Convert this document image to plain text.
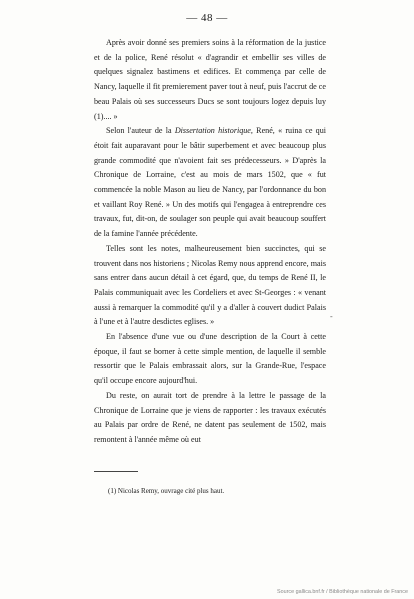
— 48 —

Après avoir donné ses premiers soins à la réformation de la justice et de la police, René résolut « d'agrandir et embellir ses villes de quelques signalez bastimens et edifices. Et commença par celle de Nancy, laquelle il fit premierement paver tout à neuf, puis l'accrut de ce beau Palais où ses successeurs Ducs se sont toujours logez depuis luy (1).... »

Selon l'auteur de la Dissertation historique, René, « ruina ce qui étoit fait auparavant pour le bâtir superbement et avec beaucoup plus grande commodité que n'avoient fait ses prédecesseurs. » D'après la Chronique de Lorraine, c'est au mois de mars 1502, que « fut commencée la noble Mason au lieu de Nancy, par l'ordonnance du bon et vaillant Roy René. » Un des motifs qui l'engagea à entreprendre ces travaux, fut, dit-on, de soulager son peuple qui avait beaucoup souffert de la famine l'année précédente.

Telles sont les notes, malheureusement bien succinctes, qui se trouvent dans nos historiens ; Nicolas Remy nous apprend encore, mais sans entrer dans aucun détail à cet égard, que, du temps de René II, le Palais communiquait avec les Cordeliers et avec St-Georges : « venant aussi à remarquer la commodité qu'il y a d'aller à couvert dudict Palais à l'une et à l'autre desdictes eglises. »

En l'absence d'une vue ou d'une description de la Court à cette époque, il faut se borner à cette simple mention, de laquelle il semble ressortir que le Palais embrassait alors, sur la Grande-Rue, l'espace qu'il occupe encore aujourd'hui.

Du reste, on aurait tort de prendre à la lettre le passage de la Chronique de Lorraine que je viens de rapporter : les travaux exécutés au Palais par ordre de René, ne datent pas seulement de 1502, mais remontent à l'année même où eut

-
(1) Nicolas Remy, ouvrage cité plus haut.
Source gallica.bnf.fr / Bibliothèque nationale de France
